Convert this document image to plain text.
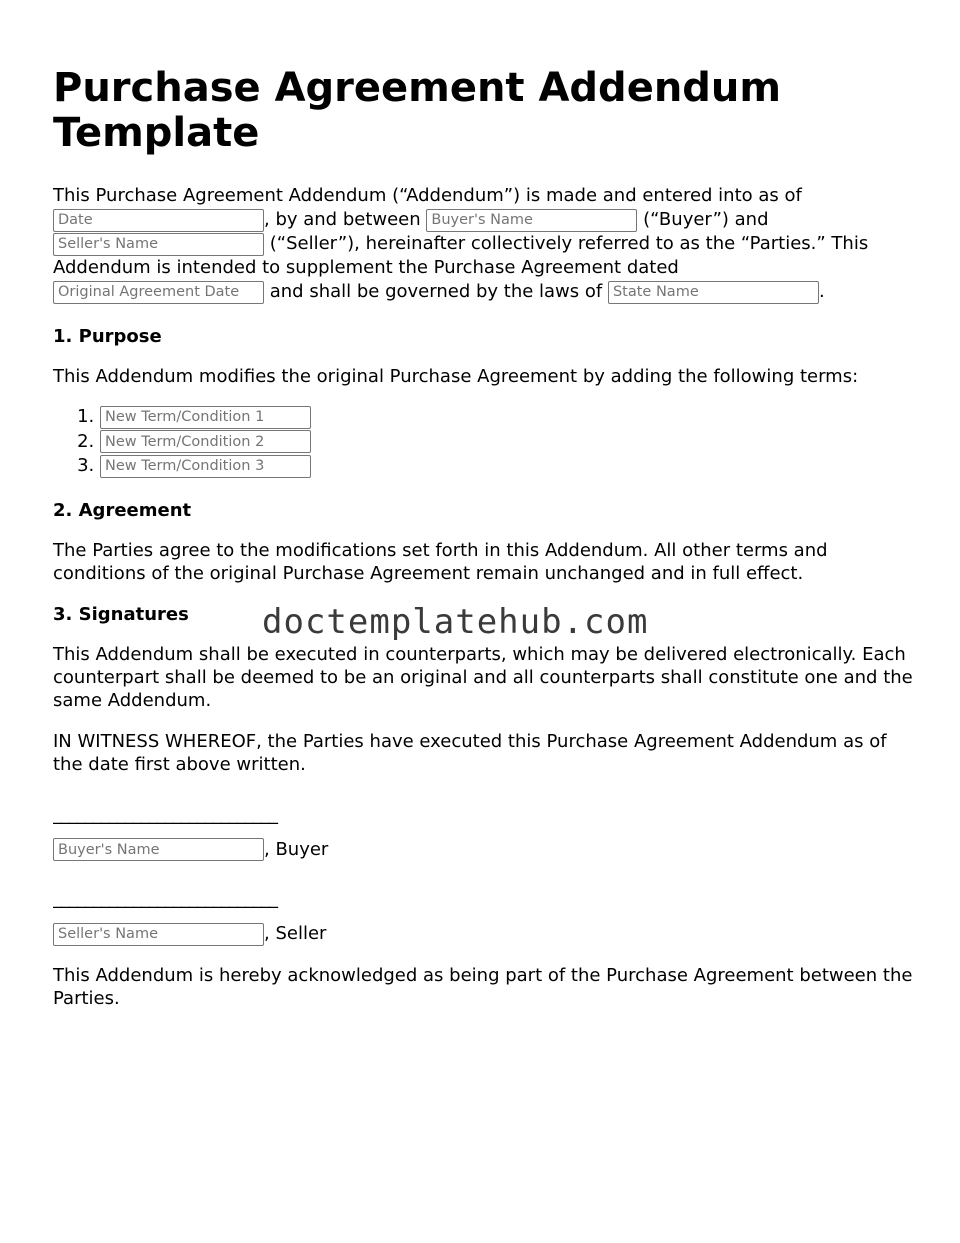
Purchase Agreement Addendum Template

This Purchase Agreement Addendum (“Addendum”) is made and entered into as of
Date, by and between Buyer's Name	(“Buyer”) and
Seller's Name (“Seller”), hereinafter collectively referred to as the “Parties.” This Addendum is intended to supplement the Purchase Agreement dated
Original Agreement Date and shall be governed by the laws of State Name	.

1. Purpose

This Addendum modifies the original Purchase Agreement by adding the following terms:

1. New Term/Condition 1
2. New Term/Condition 2
3. New Term/Condition 3
2. Agreement

The Parties agree to the modifications set forth in this Addendum. All other terms and conditions of the original Purchase Agreement remain unchanged and in full effect.

3. Signatures

This Addendum shall be executed in counterparts, which may be delivered electronically. Each counterpart shall be deemed to be an original and all counterparts shall constitute one and the same Addendum.

IN WITNESS WHEREOF, the Parties have executed this Purchase Agreement Addendum as of the date first above written.

____________________________

Buyer's Name, Buyer

____________________________

Seller's Name, Seller

This Addendum is hereby acknowledged as being part of the Purchase Agreement between the Parties.

doctemplatehub.com
